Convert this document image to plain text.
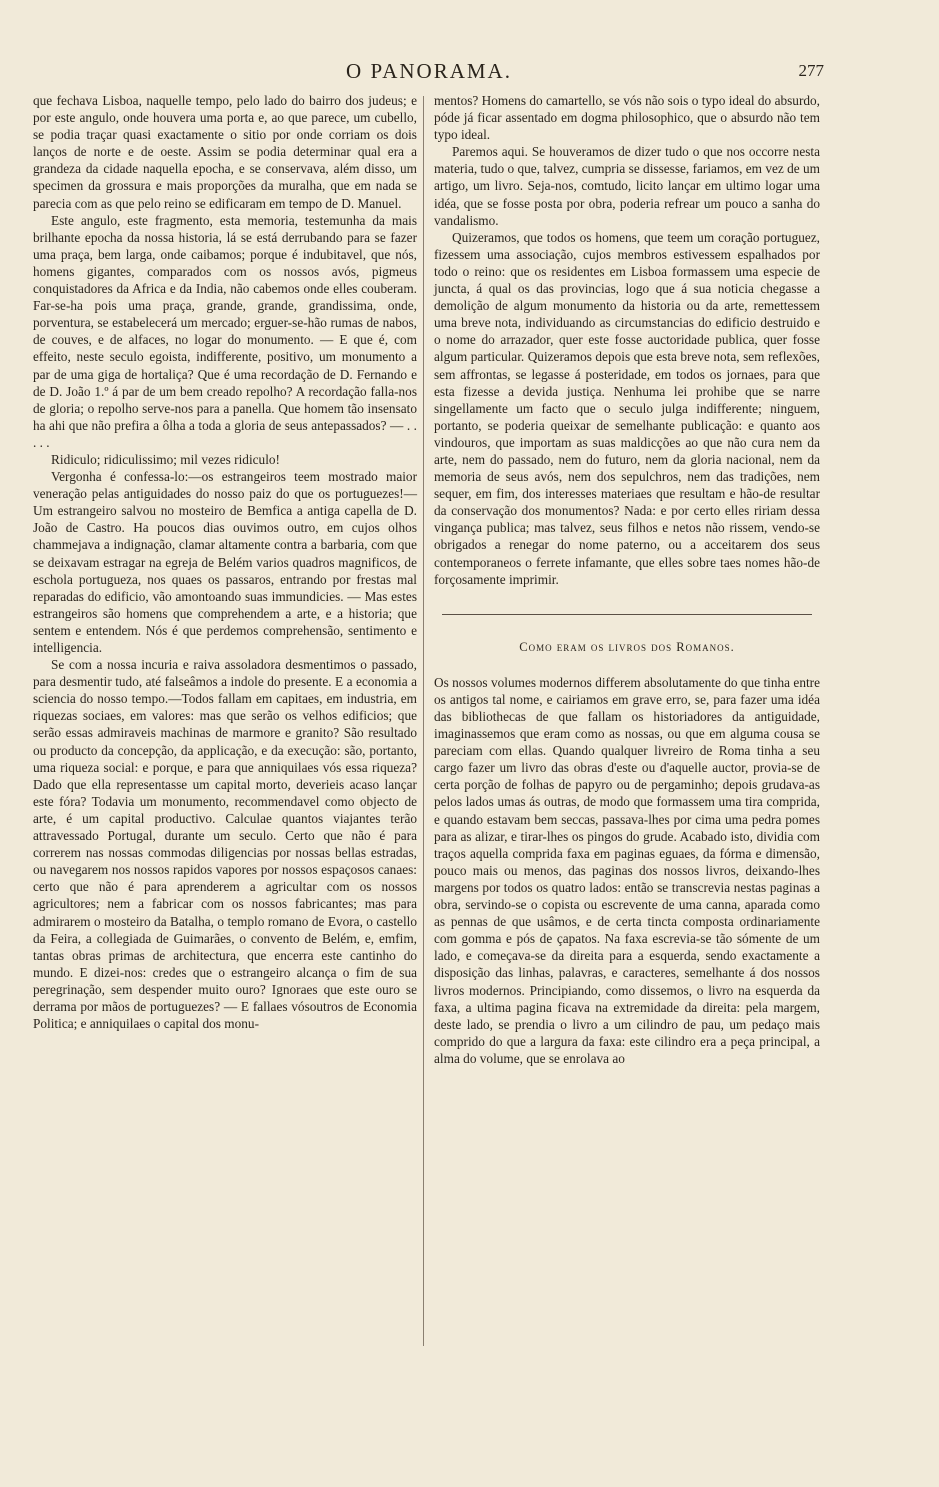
O PANORAMA.	277

que fechava Lisboa, naquelle tempo, pelo lado do bairro dos judeus; e por este angulo, onde houvera uma porta e, ao que parece, um cubello, se podia traçar quasi exactamente o sitio por onde corriam os dois lanços de norte e de oeste. Assim se podia determinar qual era a grandeza da cidade naquella epocha, e se conservava, além disso, um specimen da grossura e mais proporções da muralha, que em nada se parecia com as que pelo reino se edificaram em tempo de D. Manuel.

Este angulo, este fragmento, esta memoria, testemunha da mais brilhante epocha da nossa historia, lá se está derrubando para se fazer uma praça, bem larga, onde caibamos; porque é indubitavel, que nós, homens gigantes, comparados com os nossos avós, pigmeus conquistadores da Africa e da India, não cabemos onde elles couberam. Far-se-ha pois uma praça, grande, grande, grandissima, onde, porventura, se estabelecerá um mercado; erguer-se-hão rumas de nabos, de couves, e de alfaces, no logar do monumento. — E que é, com effeito, neste seculo egoista, indifferente, positivo, um monumento a par de uma giga de hortaliça? Que é uma recordação de D. Fernando e de D. João 1.º á par de um bem creado repolho? A recordação falla-nos de gloria; o repolho serve-nos para a panella. Que homem tão insensato ha ahi que não prefira a ôlha a toda a gloria de seus antepassados? — . . . . .

Ridiculo; ridiculissimo; mil vezes ridiculo!

Vergonha é confessa-lo:—os estrangeiros teem mostrado maior veneração pelas antiguidades do nosso paiz do que os portuguezes!—Um estrangeiro salvou no mosteiro de Bemfica a antiga capella de D. João de Castro. Ha poucos dias ouvimos outro, em cujos olhos chammejava a indignação, clamar altamente contra a barbaria, com que se deixavam estragar na egreja de Belém varios quadros magnificos, de eschola portugueza, nos quaes os passaros, entrando por frestas mal reparadas do edificio, vão amontoando suas immundicies. — Mas estes estrangeiros são homens que comprehendem a arte, e a historia; que sentem e entendem. Nós é que perdemos comprehensão, sentimento e intelligencia.

Se com a nossa incuria e raiva assoladora desmentimos o passado, para desmentir tudo, até falseâmos a indole do presente. E a economia a sciencia do nosso tempo.—Todos fallam em capitaes, em industria, em riquezas sociaes, em valores: mas que serão os velhos edificios; que serão essas admiraveis machinas de marmore e granito? São resultado ou producto da concepção, da applicação, e da execução: são, portanto, uma riqueza social: e porque, e para que anniquilaes vós essa riqueza? Dado que ella representasse um capital morto, deverieis acaso lançar este fóra? Todavia um monumento, recommendavel como objecto de arte, é um capital productivo. Calculae quantos viajantes terão attravessado Portugal, durante um seculo. Certo que não é para correrem nas nossas commodas diligencias por nossas bellas estradas, ou navegarem nos nossos rapidos vapores por nossos espaçosos canaes: certo que não é para aprenderem a agricultar com os nossos agricultores; nem a fabricar com os nossos fabricantes; mas para admirarem o mosteiro da Batalha, o templo romano de Evora, o castello da Feira, a collegiada de Guimarães, o convento de Belém, e, emfim, tantas obras primas de architectura, que encerra este cantinho do mundo. E dizei-nos: credes que o estrangeiro alcança o fim de sua peregrinação, sem despender muito ouro? Ignoraes que este ouro se derrama por mãos de portuguezes? — E fallaes vósoutros de Economia Politica; e anniquilaes o capital dos monu-

mentos? Homens do camartello, se vós não sois o typo ideal do absurdo, póde já ficar assentado em dogma philosophico, que o absurdo não tem typo ideal.

Paremos aqui. Se houveramos de dizer tudo o que nos occorre nesta materia, tudo o que, talvez, cumpria se dissesse, fariamos, em vez de um artigo, um livro. Seja-nos, comtudo, licito lançar em ultimo logar uma idéa, que se fosse posta por obra, poderia refrear um pouco a sanha do vandalismo.

Quizeramos, que todos os homens, que teem um coração portuguez, fizessem uma associação, cujos membros estivessem espalhados por todo o reino: que os residentes em Lisboa formassem uma especie de juncta, á qual os das provincias, logo que á sua noticia chegasse a demolição de algum monumento da historia ou da arte, remettessem uma breve nota, individuando as circumstancias do edificio destruido e o nome do arrazador, quer este fosse auctoridade publica, quer fosse algum particular. Quizeramos depois que esta breve nota, sem reflexões, sem affrontas, se legasse á posteridade, em todos os jornaes, para que esta fizesse a devida justiça. Nenhuma lei prohibe que se narre singellamente um facto que o seculo julga indifferente; ninguem, portanto, se poderia queixar de semelhante publicação: e quanto aos vindouros, que importam as suas maldicções ao que não cura nem da arte, nem do passado, nem do futuro, nem da gloria nacional, nem da memoria de seus avós, nem dos sepulchros, nem das tradições, nem sequer, em fim, dos interesses materiaes que resultam e hão-de resultar da conservação dos monumentos? Nada: e por certo elles ririam dessa vingança publica; mas talvez, seus filhos e netos não rissem, vendo-se obrigados a renegar do nome paterno, ou a acceitarem dos seus contemporaneos o ferrete infamante, que elles sobre taes nomes hão-de forçosamente imprimir.

Como eram os livros dos Romanos.

Os nossos volumes modernos differem absolutamente do que tinha entre os antigos tal nome, e cairiamos em grave erro, se, para fazer uma idéa das bibliothecas de que fallam os historiadores da antiguidade, imaginassemos que eram como as nossas, ou que em alguma cousa se pareciam com ellas. Quando qualquer livreiro de Roma tinha a seu cargo fazer um livro das obras d'este ou d'aquelle auctor, provia-se de certa porção de folhas de papyro ou de pergaminho; depois grudava-as pelos lados umas ás outras, de modo que formassem uma tira comprida, e quando estavam bem seccas, passava-lhes por cima uma pedra pomes para as alizar, e tirar-lhes os pingos do grude. Acabado isto, dividia com traços aquella comprida faxa em paginas eguaes, da fórma e dimensão, pouco mais ou menos, das paginas dos nossos livros, deixando-lhes margens por todos os quatro lados: então se transcrevia nestas paginas a obra, servindo-se o copista ou escrevente de uma canna, aparada como as pennas de que usâmos, e de certa tincta composta ordinariamente com gomma e pós de çapatos. Na faxa escrevia-se tão sómente de um lado, e começava-se da direita para a esquerda, sendo exactamente a disposição das linhas, palavras, e caracteres, semelhante á dos nossos livros modernos. Principiando, como dissemos, o livro na esquerda da faxa, a ultima pagina ficava na extremidade da direita: pela margem, deste lado, se prendia o livro a um cilindro de pau, um pedaço mais comprido do que a largura da faxa: este cilindro era a peça principal, a alma do volume, que se enrolava ao
